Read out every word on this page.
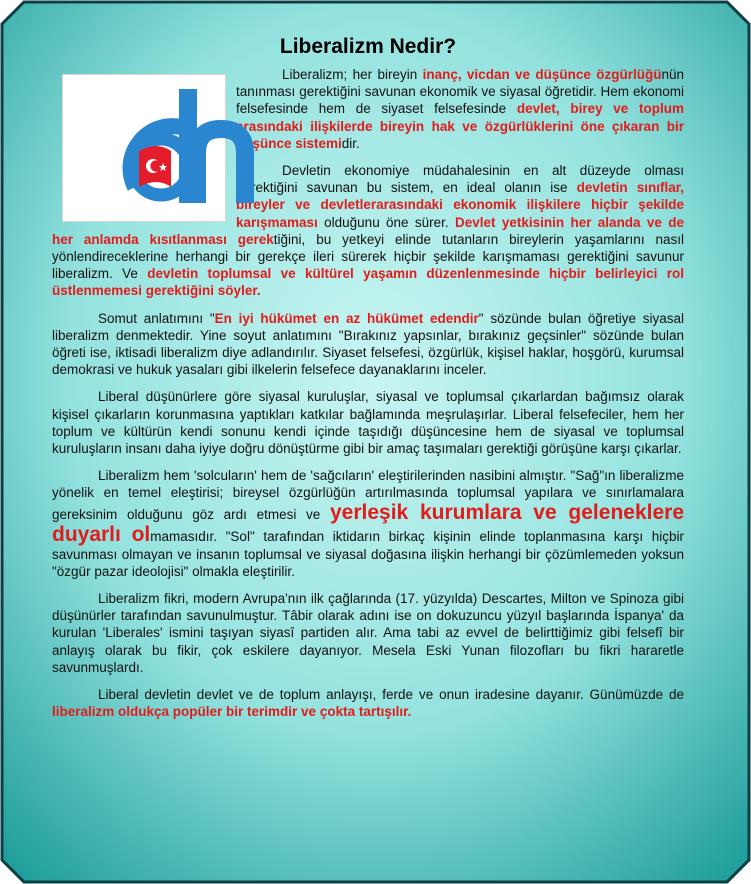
Liberalizm Nedir?

Liberalizm; her bireyin inanç, vicdan ve düşünce özgürlüğünün tanınması gerektiğini savunan ekonomik ve siyasal öğretidir. Hem ekonomi felsefesinde hem de siyaset felsefesinde devlet, birey ve toplum arasındaki ilişkilerde bireyin hak ve özgürlüklerini öne çıkaran bir düşünce sistemidir.

Devletin ekonomiye müdahalesinin en alt düzeyde olması gerektiğini savunan bu sistem, en ideal olanın ise devletin sınıflar, bireyler ve devletlerarasındaki ekonomik ilişkilere hiçbir şekilde karışmaması olduğunu öne sürer. Devlet yetkisinin her alanda ve de her anlamda kısıtlanması gerektiğini, bu yetkeyi elinde tutanların bireylerin yaşamlarını nasıl yönlendireceklerine herhangi bir gerekçe ileri sürerek hiçbir şekilde karışmaması gerektiğini savunur liberalizm. Ve devletin toplumsal ve kültürel yaşamın düzenlenmesinde hiçbir belirleyici rol üstlenmemesi gerektiğini söyler.

Somut anlatımını "En iyi hükümet en az hükümet edendir" sözünde bulan öğretiye siyasal liberalizm denmektedir. Yine soyut anlatımını "Bırakınız yapsınlar, bırakınız geçsinler" sözünde bulan öğreti ise, iktisadi liberalizm diye adlandırılır. Siyaset felsefesi, özgürlük, kişisel haklar, hoşgörü, kurumsal demokrasi ve hukuk yasaları gibi ilkelerin felsefece dayanaklarını inceler.

Liberal düşünürlere göre siyasal kuruluşlar, siyasal ve toplumsal çıkarlardan bağımsız olarak kişisel çıkarların korunmasına yaptıkları katkılar bağlamında meşrulaşırlar. Liberal felsefeciler, hem her toplum ve kültürün kendi sonunu kendi içinde taşıdığı düşüncesine hem de siyasal ve toplumsal kuruluşların insanı daha iyiye doğru dönüştürme gibi bir amaç taşımaları gerektiği görüşüne karşı çıkarlar.

Liberalizm hem 'solcuların' hem de 'sağcıların' eleştirilerinden nasibini almıştır. "Sağ"ın liberalizme yönelik en temel eleştirisi; bireysel özgürlüğün artırılmasında toplumsal yapılara ve sınırlamalara gereksinim olduğunu göz ardı etmesi ve yerleşik kurumlara ve geleneklere duyarlı olmamasıdır. "Sol" tarafından iktidarın birkaç kişinin elinde toplanmasına karşı hiçbir savunması olmayan ve insanın toplumsal ve siyasal doğasına ilişkin herhangi bir çözümlemeden yoksun "özgür pazar ideolojisi" olmakla eleştirilir.

Liberalizm fikri, modern Avrupa'nın ilk çağlarında (17. yüzyılda) Descartes, Milton ve Spinoza gibi düşünürler tarafından savunulmuştur. Tâbir olarak adını ise on dokuzuncu yüzyıl başlarında İspanya' da kurulan 'Liberales' ismini taşıyan siyasî partiden alır. Ama tabi az evvel de belirttiğimiz gibi felsefî bir anlayış olarak bu fikir, çok eskilere dayanıyor. Mesela Eski Yunan filozofları bu fikri hararetle savunmuşlardı.

Liberal devletin devlet ve de toplum anlayışı, ferde ve onun iradesine dayanır. Günümüzde de liberalizm oldukça popüler bir terimdir ve çokta tartışılır.
